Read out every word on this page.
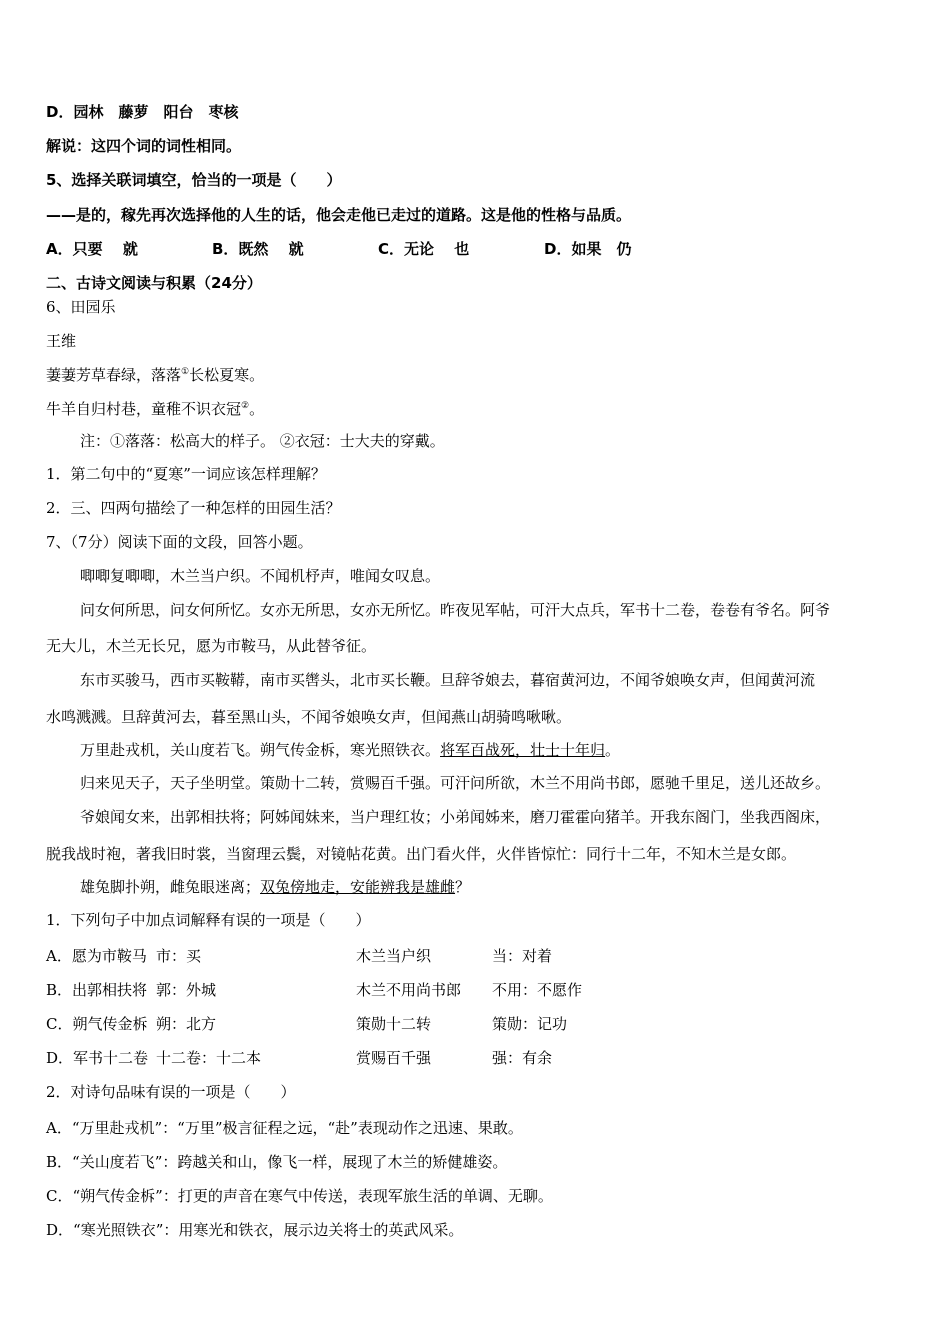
D．园林　藤萝　阳台　枣核
解说：这四个词的词性相同。
5、选择关联词填空，恰当的一项是（　　）
——是的，稼先再次选择他的人生的话，他会走他已走过的道路。这是他的性格与品质。
A．只要　 就	B．既然　 就	C．无论　 也	D．如果　仍
二、古诗文阅读与积累（24分）
6、田园乐
王维
萋萋芳草春绿，落落①长松夏寒。
牛羊自归村巷，童稚不识衣冠②。
注：①落落：松高大的样子。 ②衣冠：士大夫的穿戴。
1．第二句中的“夏寒”一词应该怎样理解？
2．三、四两句描绘了一种怎样的田园生活？
7、（7分）阅读下面的文段，回答小题。
唧唧复唧唧，木兰当户织。不闻机杼声，唯闻女叹息。
问女何所思，问女何所忆。女亦无所思，女亦无所忆。昨夜见军帖，可汗大点兵，军书十二卷，卷卷有爷名。阿爷
无大儿，木兰无长兄，愿为市鞍马，从此替爷征。
东市买骏马，西市买鞍鞯，南市买辔头，北市买长鞭。旦辞爷娘去，暮宿黄河边，不闻爷娘唤女声，但闻黄河流
水鸣溅溅。旦辞黄河去，暮至黑山头，不闻爷娘唤女声，但闻燕山胡骑鸣啾啾。
万里赴戎机，关山度若飞。朔气传金柝，寒光照铁衣。将军百战死，壮士十年归。
归来见天子，天子坐明堂。策勋十二转，赏赐百千强。可汗问所欲，木兰不用尚书郎，愿驰千里足，送儿还故乡。
爷娘闻女来，出郭相扶将；阿姊闻妹来，当户理红妆；小弟闻姊来，磨刀霍霍向猪羊。开我东阁门，坐我西阁床，
脱我战时袍，著我旧时裳，当窗理云鬓，对镜帖花黄。出门看火伴，火伴皆惊忙：同行十二年，不知木兰是女郎。
雄兔脚扑朔，雌兔眼迷离；双兔傍地走，安能辨我是雄雌？
1．下列句子中加点词解释有误的一项是（　　）
A．愿为市鞍马 市：买	木兰当户织	当：对着
B．出郭相扶将 郭：外城	木兰不用尚书郎 不用：不愿作
C．朔气传金柝 朔：北方	策勋十二转	策勋：记功
D．军书十二卷 十二卷：十二本	赏赐百千强	强：有余
2．对诗句品味有误的一项是（　　）
A．“万里赴戎机”：“万里”极言征程之远，“赴”表现动作之迅速、果敢。
B．“关山度若飞”：跨越关和山，像飞一样，展现了木兰的矫健雄姿。
C．“朔气传金柝”：打更的声音在寒气中传送，表现军旅生活的单调、无聊。
D．“寒光照铁衣”：用寒光和铁衣，展示边关将士的英武风采。
